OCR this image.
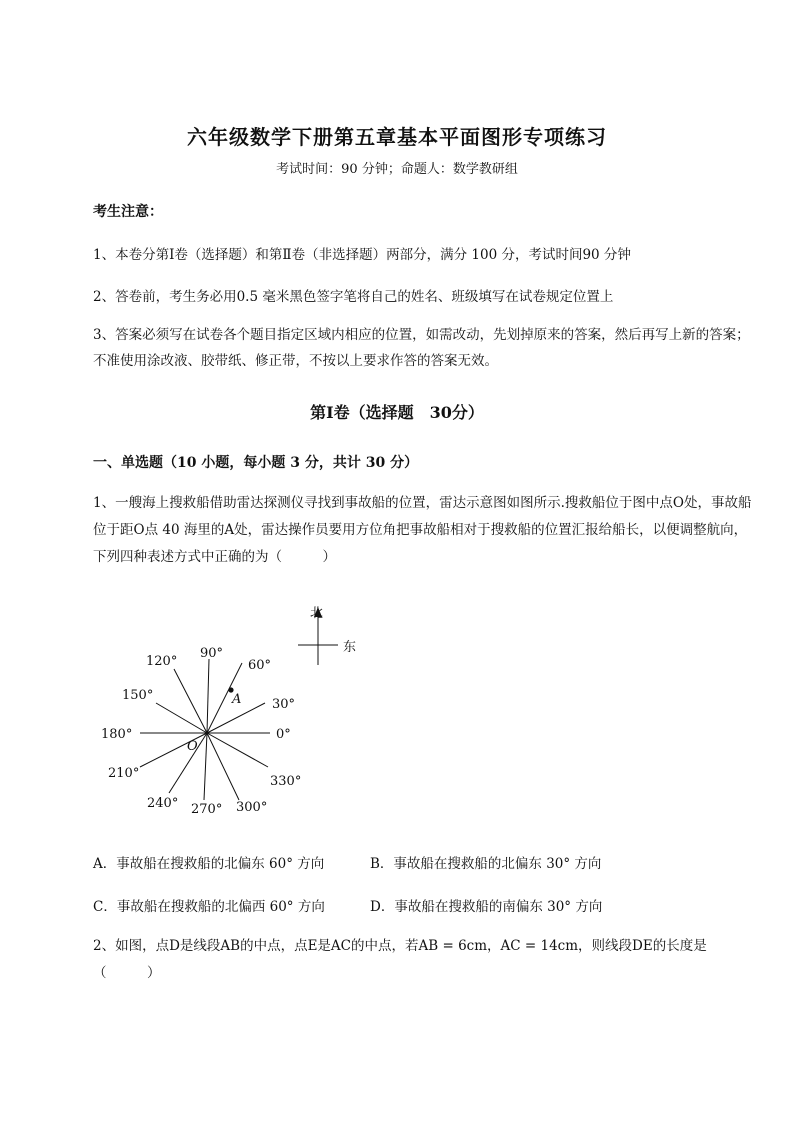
六年级数学下册第五章基本平面图形专项练习
考试时间：90 分钟；命题人：数学教研组
考生注意：
1、本卷分第Ⅰ卷（选择题）和第Ⅱ卷（非选择题）两部分，满分 100 分，考试时间90 分钟
2、答卷前，考生务必用0.5 毫米黑色签字笔将自己的姓名、班级填写在试卷规定位置上
3、答案必须写在试卷各个题目指定区域内相应的位置，如需改动，先划掉原来的答案，然后再写上新的答案；不准使用涂改液、胶带纸、修正带，不按以上要求作答的答案无效。
第Ⅰ卷（选择题　30分）
一、单选题（10 小题，每小题 3 分，共计 30 分）
1、一艘海上搜救船借助雷达探测仪寻找到事故船的位置，雷达示意图如图所示.搜救船位于图中点O处，事故船位于距O点 40 海里的A处，雷达操作员要用方位角把事故船相对于搜救船的位置汇报给船长，以便调整航向，下列四种表述方式中正确的为（　　　）
北
东
0°
30°
60°
90°
120°
150°
180°
210°
240° 270° 300°
330°
A
O
A．事故船在搜救船的北偏东 60° 方向	B．事故船在搜救船的北偏东 30° 方向
C．事故船在搜救船的北偏西 60° 方向	D．事故船在搜救船的南偏东 30° 方向
2、如图，点D是线段AB的中点，点E是AC的中点，若AB = 6cm，AC = 14cm，则线段DE的长度是（　　　）
